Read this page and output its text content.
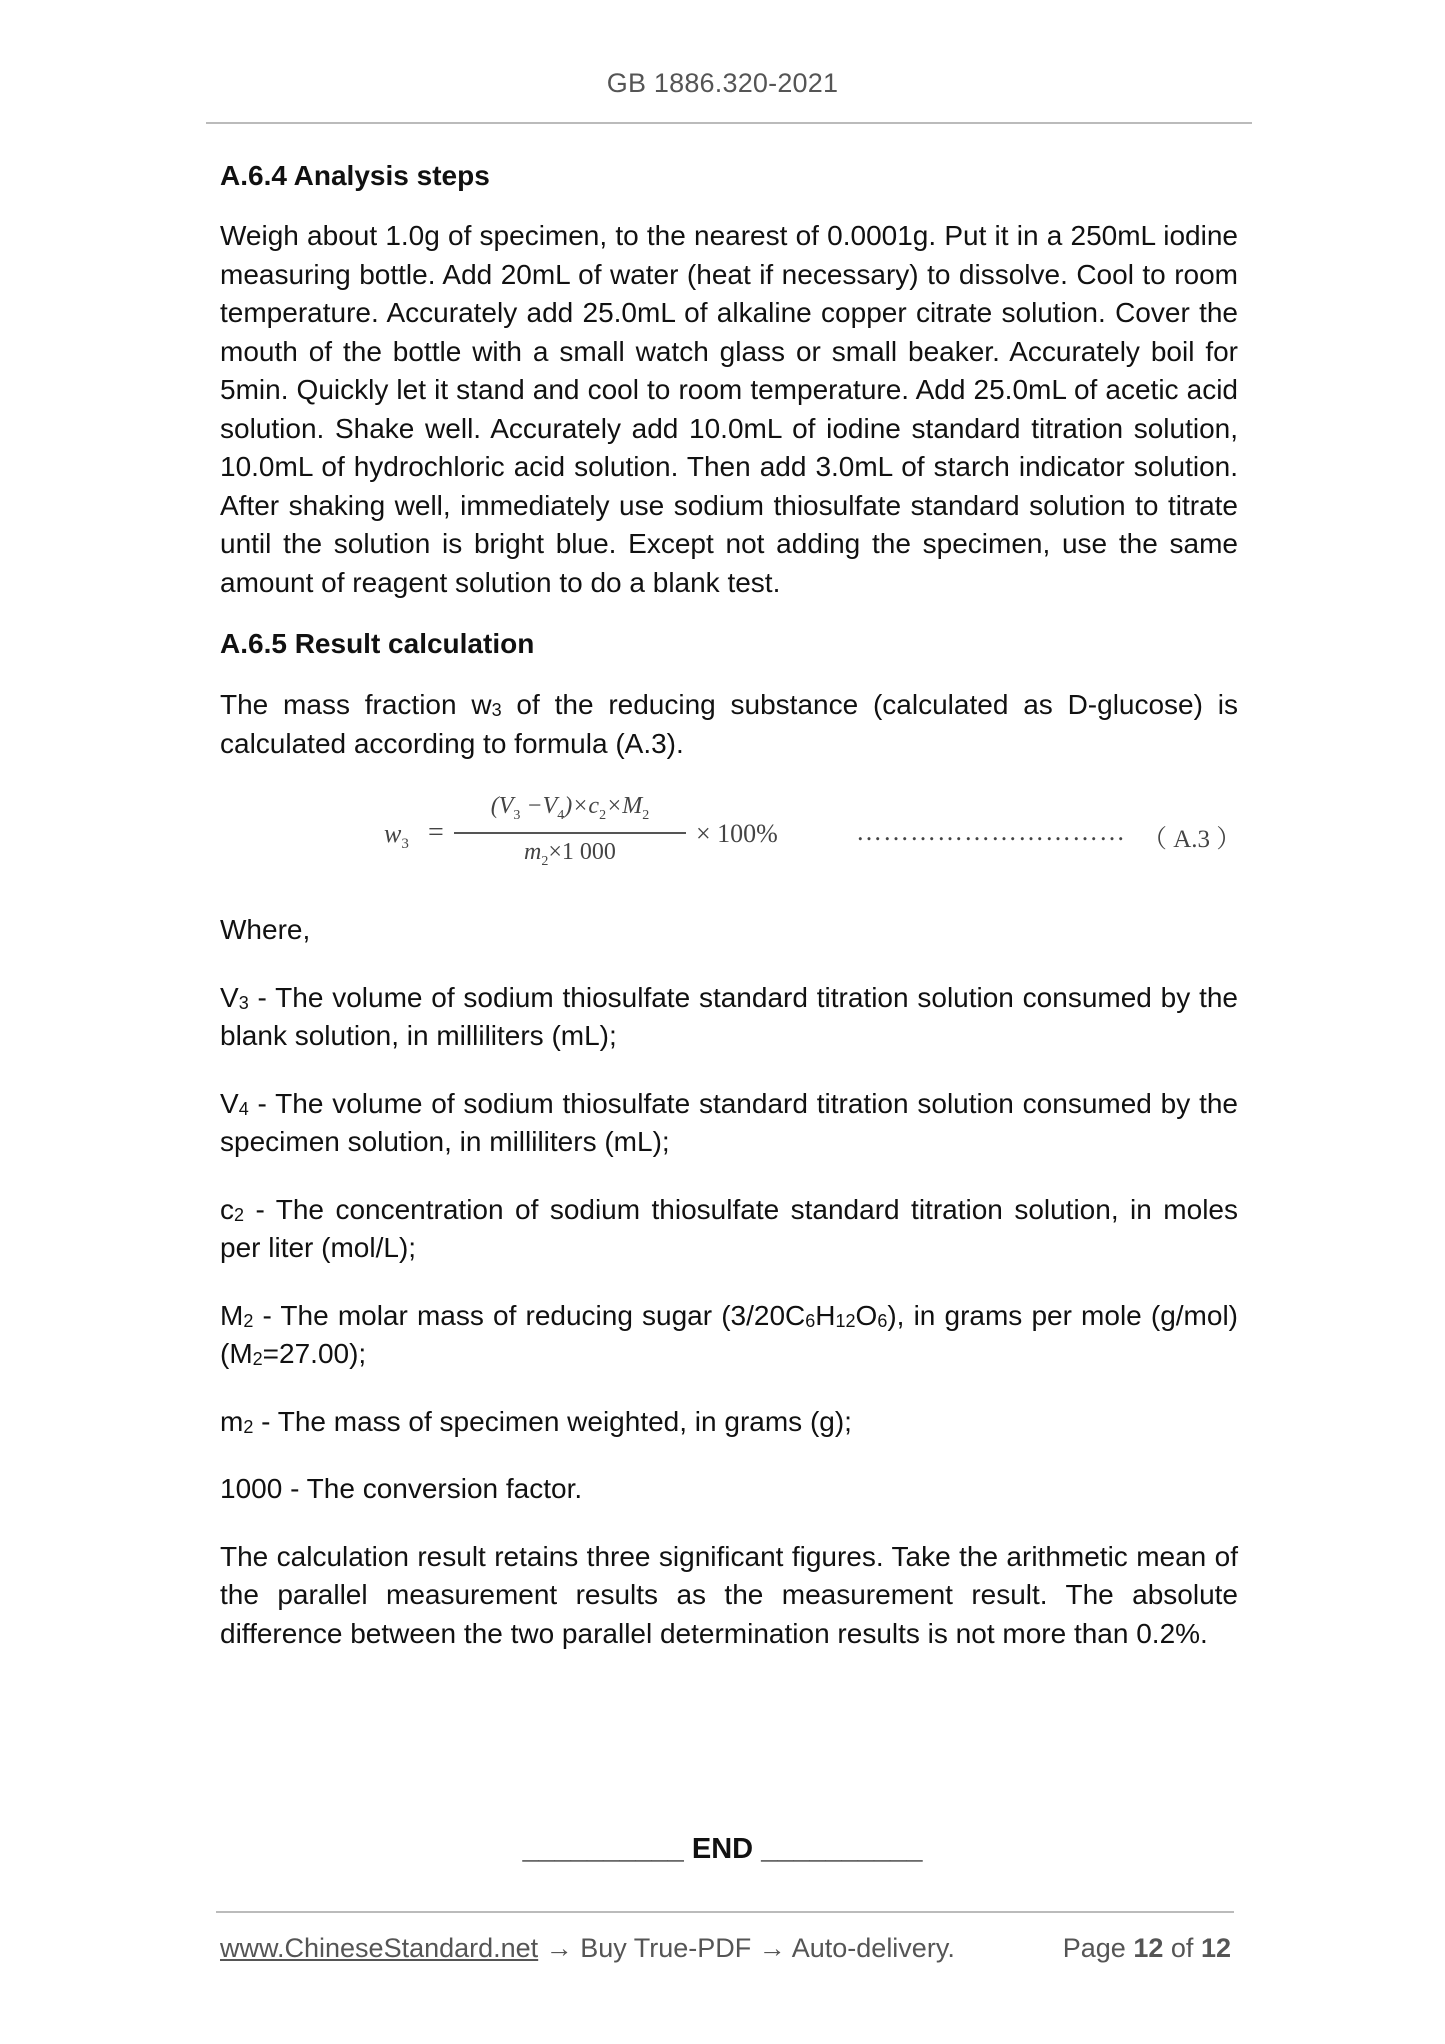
GB 1886.320-2021
A.6.4 Analysis steps

Weigh about 1.0g of specimen, to the nearest of 0.0001g. Put it in a 250mL iodine measuring bottle. Add 20mL of water (heat if necessary) to dissolve. Cool to room temperature. Accurately add 25.0mL of alkaline copper citrate solution. Cover the mouth of the bottle with a small watch glass or small beaker. Accurately boil for 5min. Quickly let it stand and cool to room temperature. Add 25.0mL of acetic acid solution. Shake well. Accurately add 10.0mL of iodine standard titration solution, 10.0mL of hydrochloric acid solution. Then add 3.0mL of starch indicator solution. After shaking well, immediately use sodium thiosulfate standard solution to titrate until the solution is bright blue. Except not adding the specimen, use the same amount of reagent solution to do a blank test.

A.6.5 Result calculation

The mass fraction $w_3$ of the reducing substance (calculated as D-glucose) is calculated according to formula (A.3).

$w_3$ =
$(V_3 -V_4)\times c_2\times M_2$
$m_2\times 1$ 000
× 100%	………………………… （ A.3 ）

Where,

$V_3$ - The volume of sodium thiosulfate standard titration solution consumed by the blank solution, in milliliters (mL);

$V_4$ - The volume of sodium thiosulfate standard titration solution consumed by the specimen solution, in milliliters (mL);

$c_2$ - The concentration of sodium thiosulfate standard titration solution, in moles per liter (mol/L);

$M_2$ - The molar mass of reducing sugar $(3/20C_6H_{12}O_6)$, in grams per mole (g/mol) $(M_2=27.00)$;

$m_2$ - The mass of specimen weighted, in grams (g);

1000 - The conversion factor.

The calculation result retains three significant figures. Take the arithmetic mean of the parallel measurement results as the measurement result. The absolute difference between the two parallel determination results is not more than 0.2%.

__________ END __________
www.ChineseStandard.net → Buy True-PDF → Auto-delivery.	Page 12 of 12
